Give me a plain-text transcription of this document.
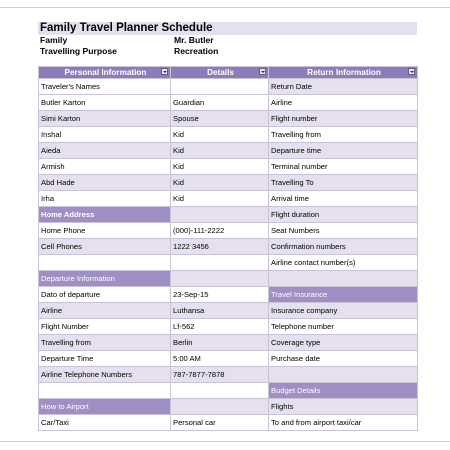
Family Travel Planner Schedule
Family	Mr. Butler
Travelling Purpose	Recreation
Personal Information	Details	Return Information

Traveler's Names		Return Date
Butler Karton	Guardian	Airline
Simi Karton	Spouse	Flight number
Inshal	Kid	Travelling from
Aieda	Kid	Departure time
Armish	Kid	Terminal number
Abd Hade	Kid	Travelling To
Irha	Kid	Arrival time
Home Address		Flight duration
Home Phone	(000)-111-2222	Seat Numbers
Cell Phones	1222 3456	Confirmation numbers
		Airline contact number(s)
Departure Information		
Dato of departure	23-Sep-15	Travel Insurance
Airline	Luthansa	Insurance company
Flight Number	Lf-562	Telephone number
Travelling from	Berlin	Coverage type
Departure Time	5:00 AM	Purchase date
Airline Telephone Numbers	787-7877-7878	
		Budget Details
How to Airport		Flights
Car/Taxi	Personal car	To and from airport taxi/car
